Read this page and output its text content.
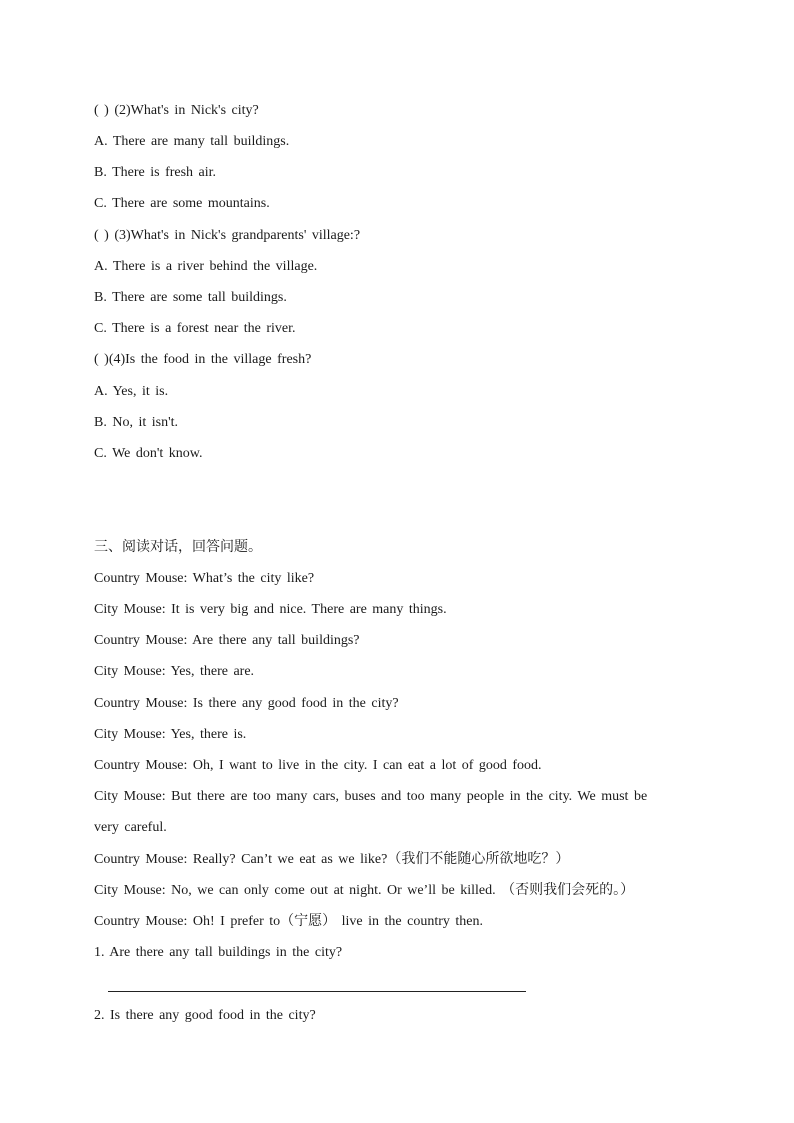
( ) (2)What's in Nick's city?
A. There are many tall buildings.
B. There is fresh air.
C. There are some mountains.
( ) (3)What's in Nick's grandparents' village:?
A. There is a river behind the village.
B. There are some tall buildings.
C. There is a forest near the river.
( )(4)Is the food in the village fresh?
A. Yes, it is.
B. No, it isn't.
C. We don't know.
三、阅读对话，回答问题。
Country Mouse: What’s the city like?
City Mouse: It is very big and nice. There are many things.
Country Mouse: Are there any tall buildings?
City Mouse: Yes, there are.
Country Mouse: Is there any good food in the city?
City Mouse: Yes, there is.
Country Mouse: Oh, I want to live in the city. I can eat a lot of good food.
City Mouse: But there are too many cars, buses and too many people in the city. We must be
very careful.
Country Mouse: Really? Can’t we eat as we like?（我们不能随心所欲地吃？）
City Mouse: No, we can only come out at night. Or we’ll be killed. （否则我们会死的。）
Country Mouse: Oh! I prefer to（宁愿） live in the country then.
1. Are there any tall buildings in the city?
2. Is there any good food in the city?
